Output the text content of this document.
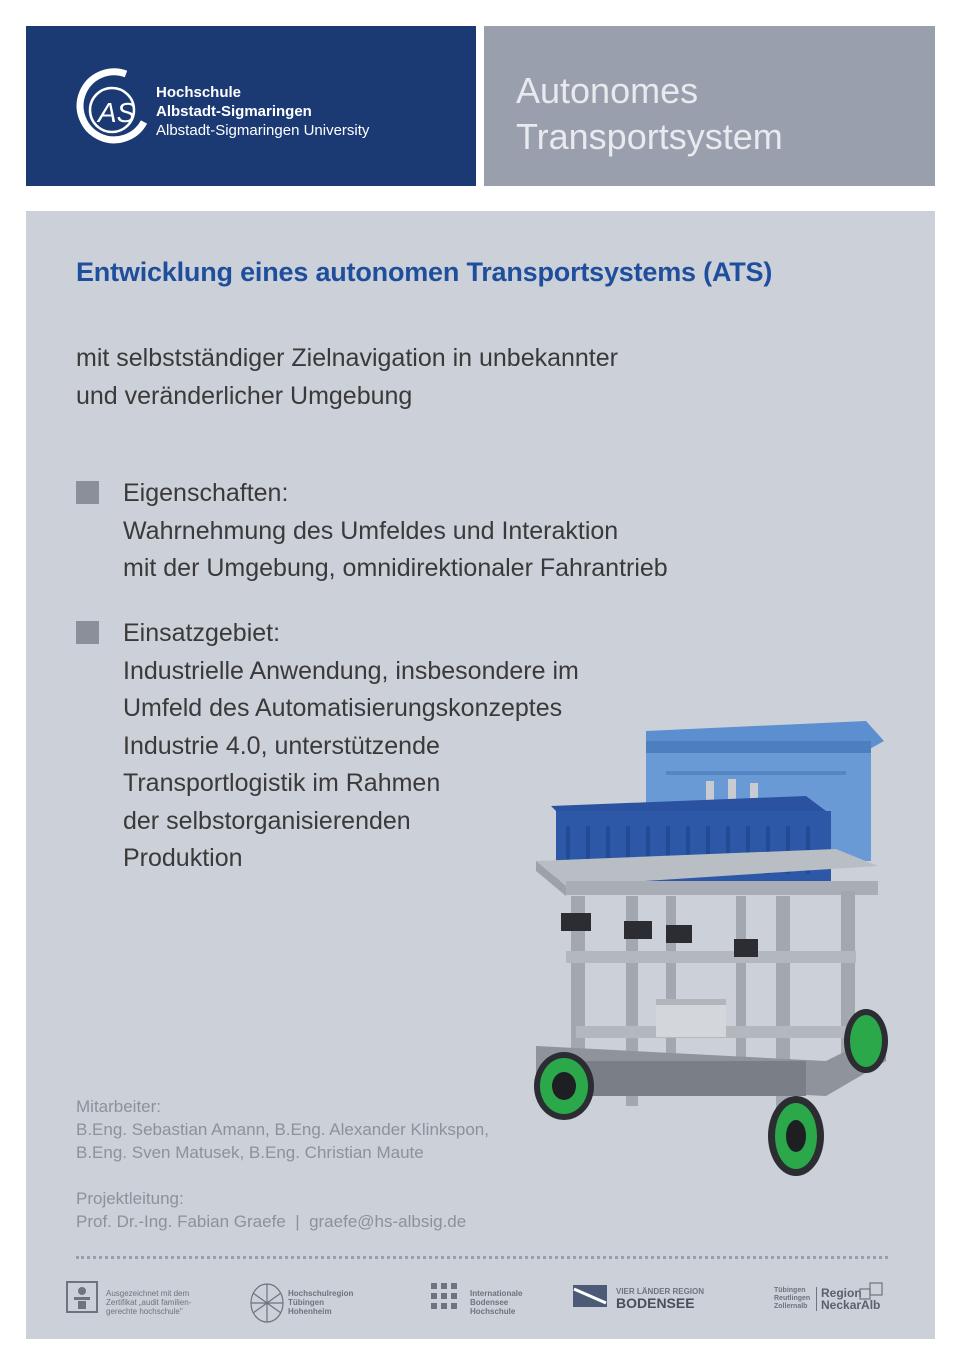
AS
Hochschule
Albstadt-Sigmaringen
Albstadt-Sigmaringen University
Autonomes
Transportsystem
Entwicklung eines autonomen Transportsystems (ATS)
mit selbstständiger Zielnavigation in unbekannter
und veränderlicher Umgebung
Eigenschaften:
Wahrnehmung des Umfeldes und Interaktion
mit der Umgebung, omnidirektionaler Fahrantrieb
Einsatzgebiet:
Industrielle Anwendung, insbesondere im
Umfeld des Automatisierungskonzeptes
Industrie 4.0, unterstützende
Transportlogistik im Rahmen
der selbstorganisierenden
Produktion
Mitarbeiter:
B.Eng. Sebastian Amann, B.Eng. Alexander Klinkspon,
B.Eng. Sven Matusek, B.Eng. Christian Maute
Projektleitung:
Prof. Dr.-Ing. Fabian Graefe  |  graefe@hs-albsig.de
Ausgezeichnet mit dem
Zertifikat „audit familien-
gerechte hochschule"
Hochschulregion
Tübingen
Hohenheim
Internationale
Bodensee
Hochschule
VIER LÄNDER REGION
BODENSEE
Tübingen
Reutlingen
Zollernalb
Region
NeckarAlb
